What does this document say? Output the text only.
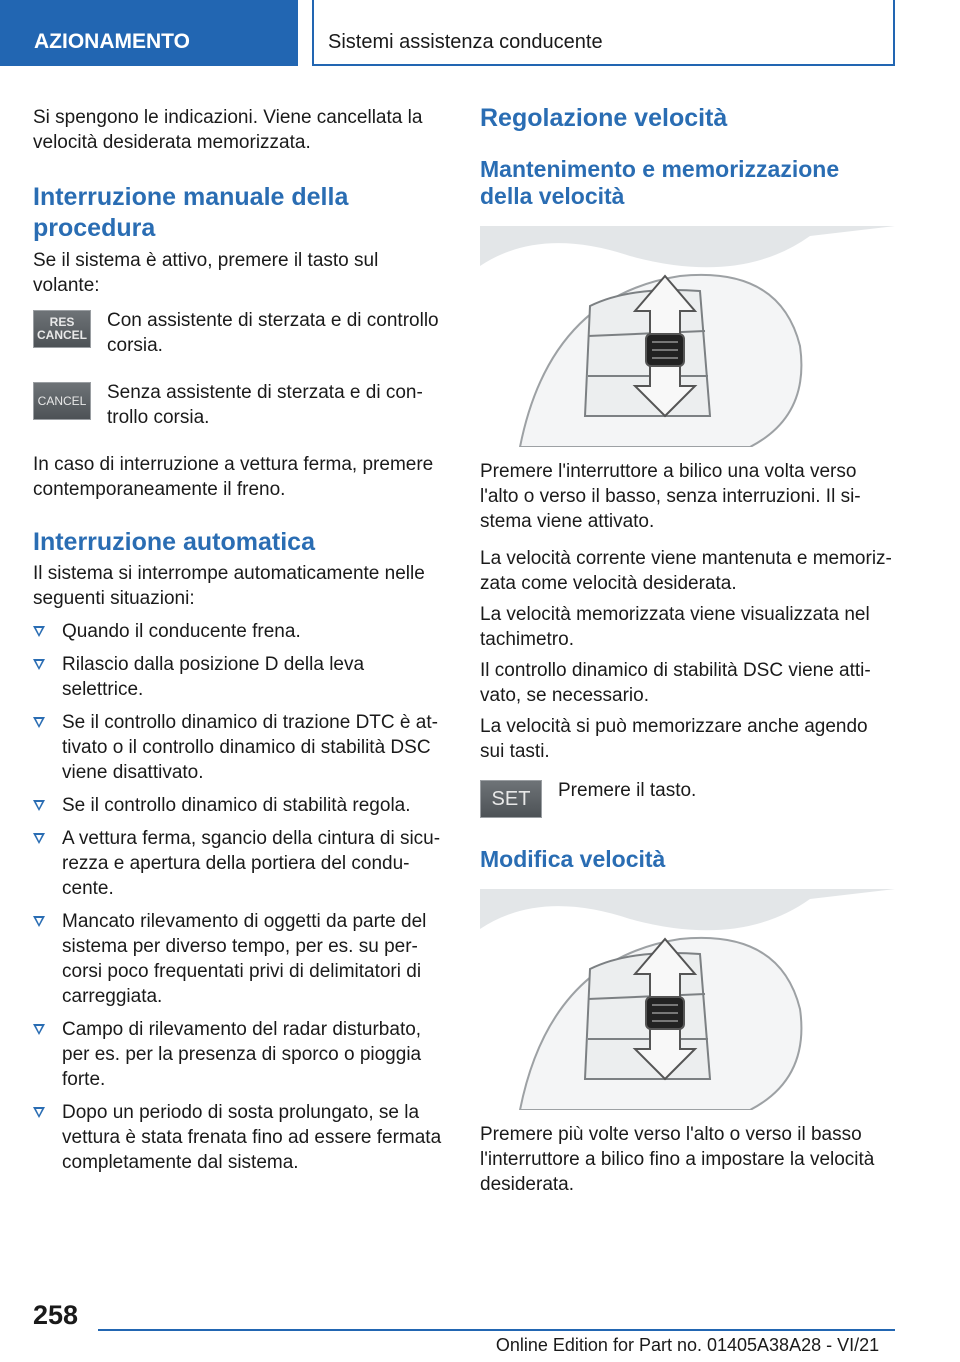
AZIONAMENTO	Sistemi assistenza conducente

Si spengono le indicazioni. Viene cancellata la velocità desiderata memorizzata.

Interruzione manuale della procedura

Se il sistema è attivo, premere il tasto sul volante:

RES
CANCEL

Con assistente di sterzata e di controllo corsia.

CANCEL Senza assistente di sterzata e di controllo corsia.

In caso di interruzione a vettura ferma, premere contemporaneamente il freno.

Interruzione automatica

Il sistema si interrompe automaticamente nelle seguenti situazioni:

Quando il conducente frena.
Rilascio dalla posizione D della leva selettrice.
Se il controllo dinamico di trazione DTC è attivato o il controllo dinamico di stabilità DSC viene disattivato.
Se il controllo dinamico di stabilità regola.
A vettura ferma, sgancio della cintura di sicurezza e apertura della portiera del conducente.
Mancato rilevamento di oggetti da parte del sistema per diverso tempo, per es. su percorsi poco frequentati privi di delimitatori di carreggiata.
Campo di rilevamento del radar disturbato, per es. per la presenza di sporco o pioggia forte.
Dopo un periodo di sosta prolungato, se la vettura è stata frenata fino ad essere fermata completamente dal sistema.
Regolazione velocità
Mantenimento e memorizzazione della velocità

Premere l'interruttore a bilico una volta verso l'alto o verso il basso, senza interruzioni. Il sistema viene attivato.

La velocità corrente viene mantenuta e memorizzata come velocità desiderata.

La velocità memorizzata viene visualizzata nel tachimetro.

Il controllo dinamico di stabilità DSC viene attivato, se necessario.

La velocità si può memorizzare anche agendo sui tasti.

SET Premere il tasto.

Modifica velocità

Premere più volte verso l'alto o verso il basso l'interruttore a bilico fino a impostare la velocità desiderata.

258
Online Edition for Part no. 01405A38A28 - VI/21
